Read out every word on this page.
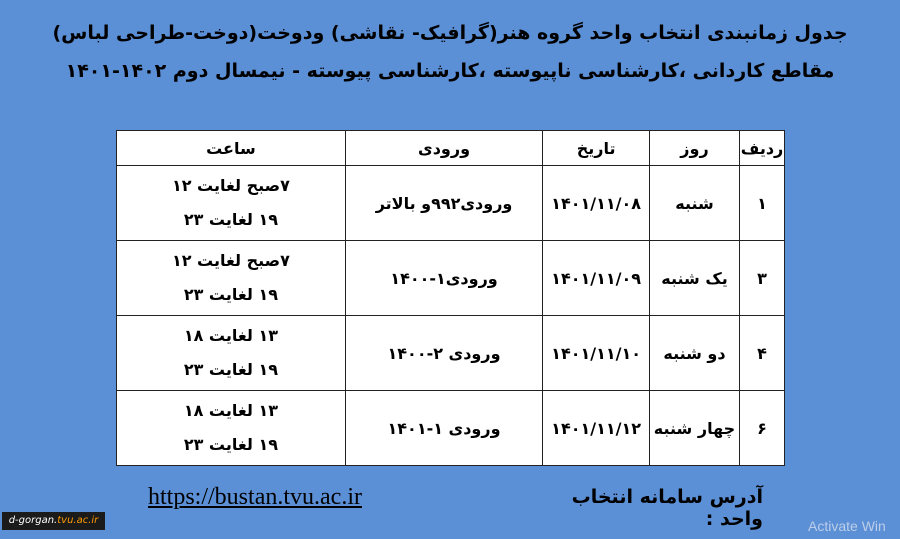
جدول زمانبندی انتخاب واحد گروه هنر(گرافیک- نقاشی) ودوخت(دوخت-طراحی لباس)
مقاطع کاردانی ،کارشناسی ناپیوسته ،کارشناسی پیوسته - نیمسال دوم ۱۴۰۲-۱۴۰۱
ردیف	روز	تاریخ	ورودی	ساعت
۱	شنبه	۱۴۰۱/۱۱/۰۸	ورودی۹۹۲و بالاتر	۷صبح لغایت ۱۲
۱۹ لغایت ۲۳

۳	یک شنبه	۱۴۰۱/۱۱/۰۹	ورودی۱-۱۴۰۰	۷صبح لغایت ۱۲
۱۹ لغایت ۲۳

۴	دو شنبه	۱۴۰۱/۱۱/۱۰	ورودی ۲-۱۴۰۰	۱۳ لغایت ۱۸
۱۹ لغایت ۲۳

۶	چهار شنبه	۱۴۰۱/۱۱/۱۲	ورودی ۱-۱۴۰۱	۱۳ لغایت ۱۸
۱۹ لغایت ۲۳
آدرس سامانه انتخاب واحد :
https://bustan.tvu.ac.ir
d-gorgan.tvu.ac.ir	Activate Win
